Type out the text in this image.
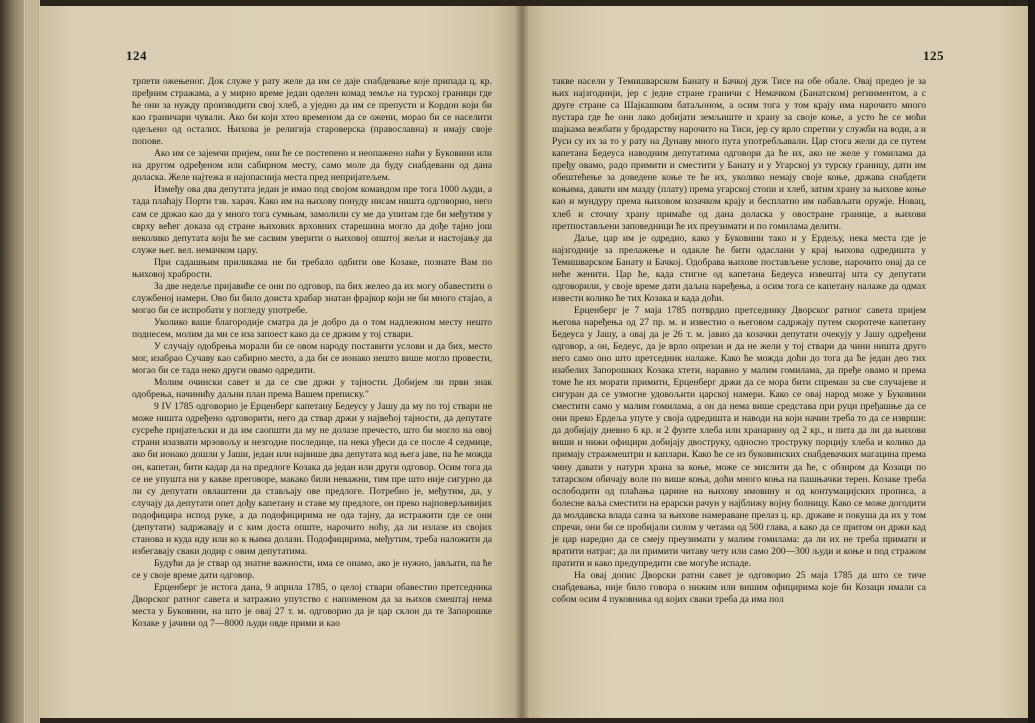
124

трпети ожењеног. Док служе у рату желе да им се даје снабдевање које припада ц. кр. пређним стражама, а у мирно време један оделен комад земље на турској граници где ће они за нужду производити свој хлеб, а уједно да им се препусти и Кордон који би као граничари чували. Ако би који хтео временом да се ожени, мораo би се населити одељено од осталих. Њихова је религија староверска (православна) и имају своје попове.

Ако им се зајемчи пријем, они ће се постепено и неопажено наћи у Буковини или на другом одређеном или сабирном месту, само моле да буду снабдевани од дана доласка. Желе најтежа и најопаснија места пред непријатељем.

Између ова два депутата један је имао под својом командом пре тога 1000 људи, а тада плаћају Порти тзв. харач. Како им на њихову понуду нисам ништа одговорио, него сам се држао као да у много тога сумњам, замолили су ме да упитам где би међутим у сврху већег доказа од стране њихових врховних старешина могло да дође тајно још неколико депутата који ће ме сасвим уверити о њиховој општој жељи и настојању да служе њег. вел. немачком цару.

При садашњим приликама не би требало одбити ове Козаке, познате Вам по њиховој храбрости.

За две недеље пријавиће се они по одговор, па бих желео да их могу обавестити о службеној намери. Ово би било доиста храбар знатан фрајкор који не би много стајао, а могао би се испробати у погледу употребе.

Уколико ваше благородије сматра да је добро да о том надлежном месту нешто поднесем, молим да ми се иза запоест како да се држим у тој ствари.

У случају одобрења морали би се овом народу поставити услови и да бих, место мог, изабрао Сучаву као сабирно место, а да би се ионако нешто више могло провести, могао би се тада неко други овамо одредити.

Молим очински савет и да се све држи у тајности. Добијем ли први знак одобрења, начинићу даљни план према Вашем преписку."

9 IV 1785 одговорио је Ерценберг капетану Бедеусу у Јашу да му по тој ствари не може ништа одређено одговорити, него да ствар држи у највећој тајности, да депутате сусреће пријатељски и да им саопшти да му не долазе пречесто, што би могло на овој страни изазвати мрзовољу и незгодне последице, па нека уђеси да се после 4 седмице, ако би ионако дошли у Јаши, један или највише два депутата код њега јаве, па ће можда он, капетан, бити кадар да на предлоге Козака да један или други одговор. Осим тога да се не упушта ни у какве преговоре, макако били неважни, тим пре што није сигурно да ли су депутати овлаштени да стављају ове предлоге. Потребно је, међутим, да, у случају да депутати опет дођу капетану и ставе му предлоге, он преко најповерљивијих подофицира испод руке, а да подофицирима не ода тајну, да истражити где се они (депутати) задржавају и с ким доста опште, нарочито ноћу, да ли излазе из својих станова и куда иду или ко к њима долази. Подофицирима, међутим, треба наложити да избегавају сваки додир с овим депутатима.

Будући да је ствар од знатне важности, има се онамо, ако је нужно, јављати, па ће се у своје време дати одговор.

Ерценберг је истога дана, 9 априла 1785, о целој ствари обавестио претседника Дворског ратног савета и затражио упутство с напоменом да за њихов смештај нема места у Буковини, на што је овај 27 т. м. одговорио да је цар склон да те Запорошке Козаке у јачини од 7—8000 људи овде прими и као

125

такве насели у Темишварском Банату и Бачкој дуж Тисе на обе обале. Овај предео је за њих најзгоднији, јер с једне стране граничи с Немачком (Банатском) регинментом, а с друге стране са Шајкашким батаљоном, а осим тога у том крају има нарочито много пустара где ће они лако добијати земљиште и храну за своје коње, а усто ће се моћи шајкама вежбати у бродарству нарочито на Тиси, јер су врло спретни у служби на води, а и Руси су их за то у рату на Дунаву много пута употребљавали. Цар стога жели да се путем капетана Бедеуса наводним депутатима одговори да ће их, ако не желе у гомилама да пређу овамо, радо примити и сместити у Банату и у Угарској уз турску границу, дати им обештећење за доведене коње те ће их, уколико немају своје коње, држава снабдети коњима, давати им мазду (плату) према угарској стопи и хлеб, затим храну за њихове коње као и мундуру према њиховом козачком крају и бесплатно им набављати оружје. Новац, хлеб и сточну храну примаће од дана доласка у овостране границе, а њихови претпостављени заповедници ће их преузимати и по гомилама делити.

Даље, цар им је одредио, како у Буковини тако и у Ердељу, нека места где је најзгодније за прелажење и одакле ће бити одаслани у крај њихова одредишта у Темишварском Банату и Бачкој. Одобрава њихове постављене услове, нарочито онај да се неће женити. Цар ће, када стигне од капетана Бедеуса извештај шта су депутати одговорили, у своје време дати даљна наређења, а осим тога се капетану налаже да одмах извести колико ће тих Козака и када доћи.

Ерценберг је 7 маја 1785 потврдио претседнику Дворског ратног савета пријем његова наређења од 27 пр. м. и известио о његовом садржају путем скоротече капетану Бедеуса у Јашу, а овај да је 26 т. м. јавио да козачки депутати очекују у Јашу одређени одговор, а он, Бедеус, да је врло опрезан и да не жели у тој ствари да чини ништа друго него само оно што претседник налаже. Како ће можда доћи до тога да ће један део тих изабелих Запорошких Козака хтети, наравно у малим гомилама, да пређе овамо и према томе ће их морати примити, Ерценберг држи да се мора бити спреман за све случајеве и сигуран да се узмогне удовољити царској намери. Како се овај народ може у Буковини сместити само у малим гомилама, а он да нема више средстава при руци пређашње да се они преко Ердеља упуте у своја одредишта и наводи на који начин треба то да се изврши: да добијају дневно 6 кр. и 2 фунте хлеба или хранарину од 2 кр., и пита да ли да њихови виши и нижи официри добијају двоструку, односно троструку порцију хлеба и колико да примају стражмештри и каплари. Како ће се из буковинских снабдевачких магацина према чину давати у натури храна за коње, може се мислити да ће, с обзиром да Козаци по татарском обичају воле по више коња, доћи много коња на пашњачки терен. Козаке треба ослободити од плаћања царине на њихову имовину и од контумацијских пропиcа, а болесне ваља сместити на ерарски рачун у најближу војну болницу. Како се може догодити да молдавска влада сазна за њихове намераване прелаз ц. кр. државе и покуша да их у том спречи, они би се пробијали силом у четама од 500 глава, а како да се притом он држи кад је цар наредио да се смеју преузимати у малим гомилама: да ли их не треба примати и вратити натраг; да ли примити читаву чету или само 200—300 људи и коње и под стражом пратити и како предупредити све могуће испаде.

На овај допис Дворски ратни савет је одговорио 25 маја 1785 да што се тиче снабдевања, није било говора о нижим или вишим официрима које би Козаци имали са собом осим 4 пуковника од којих сваки треба да има пол
